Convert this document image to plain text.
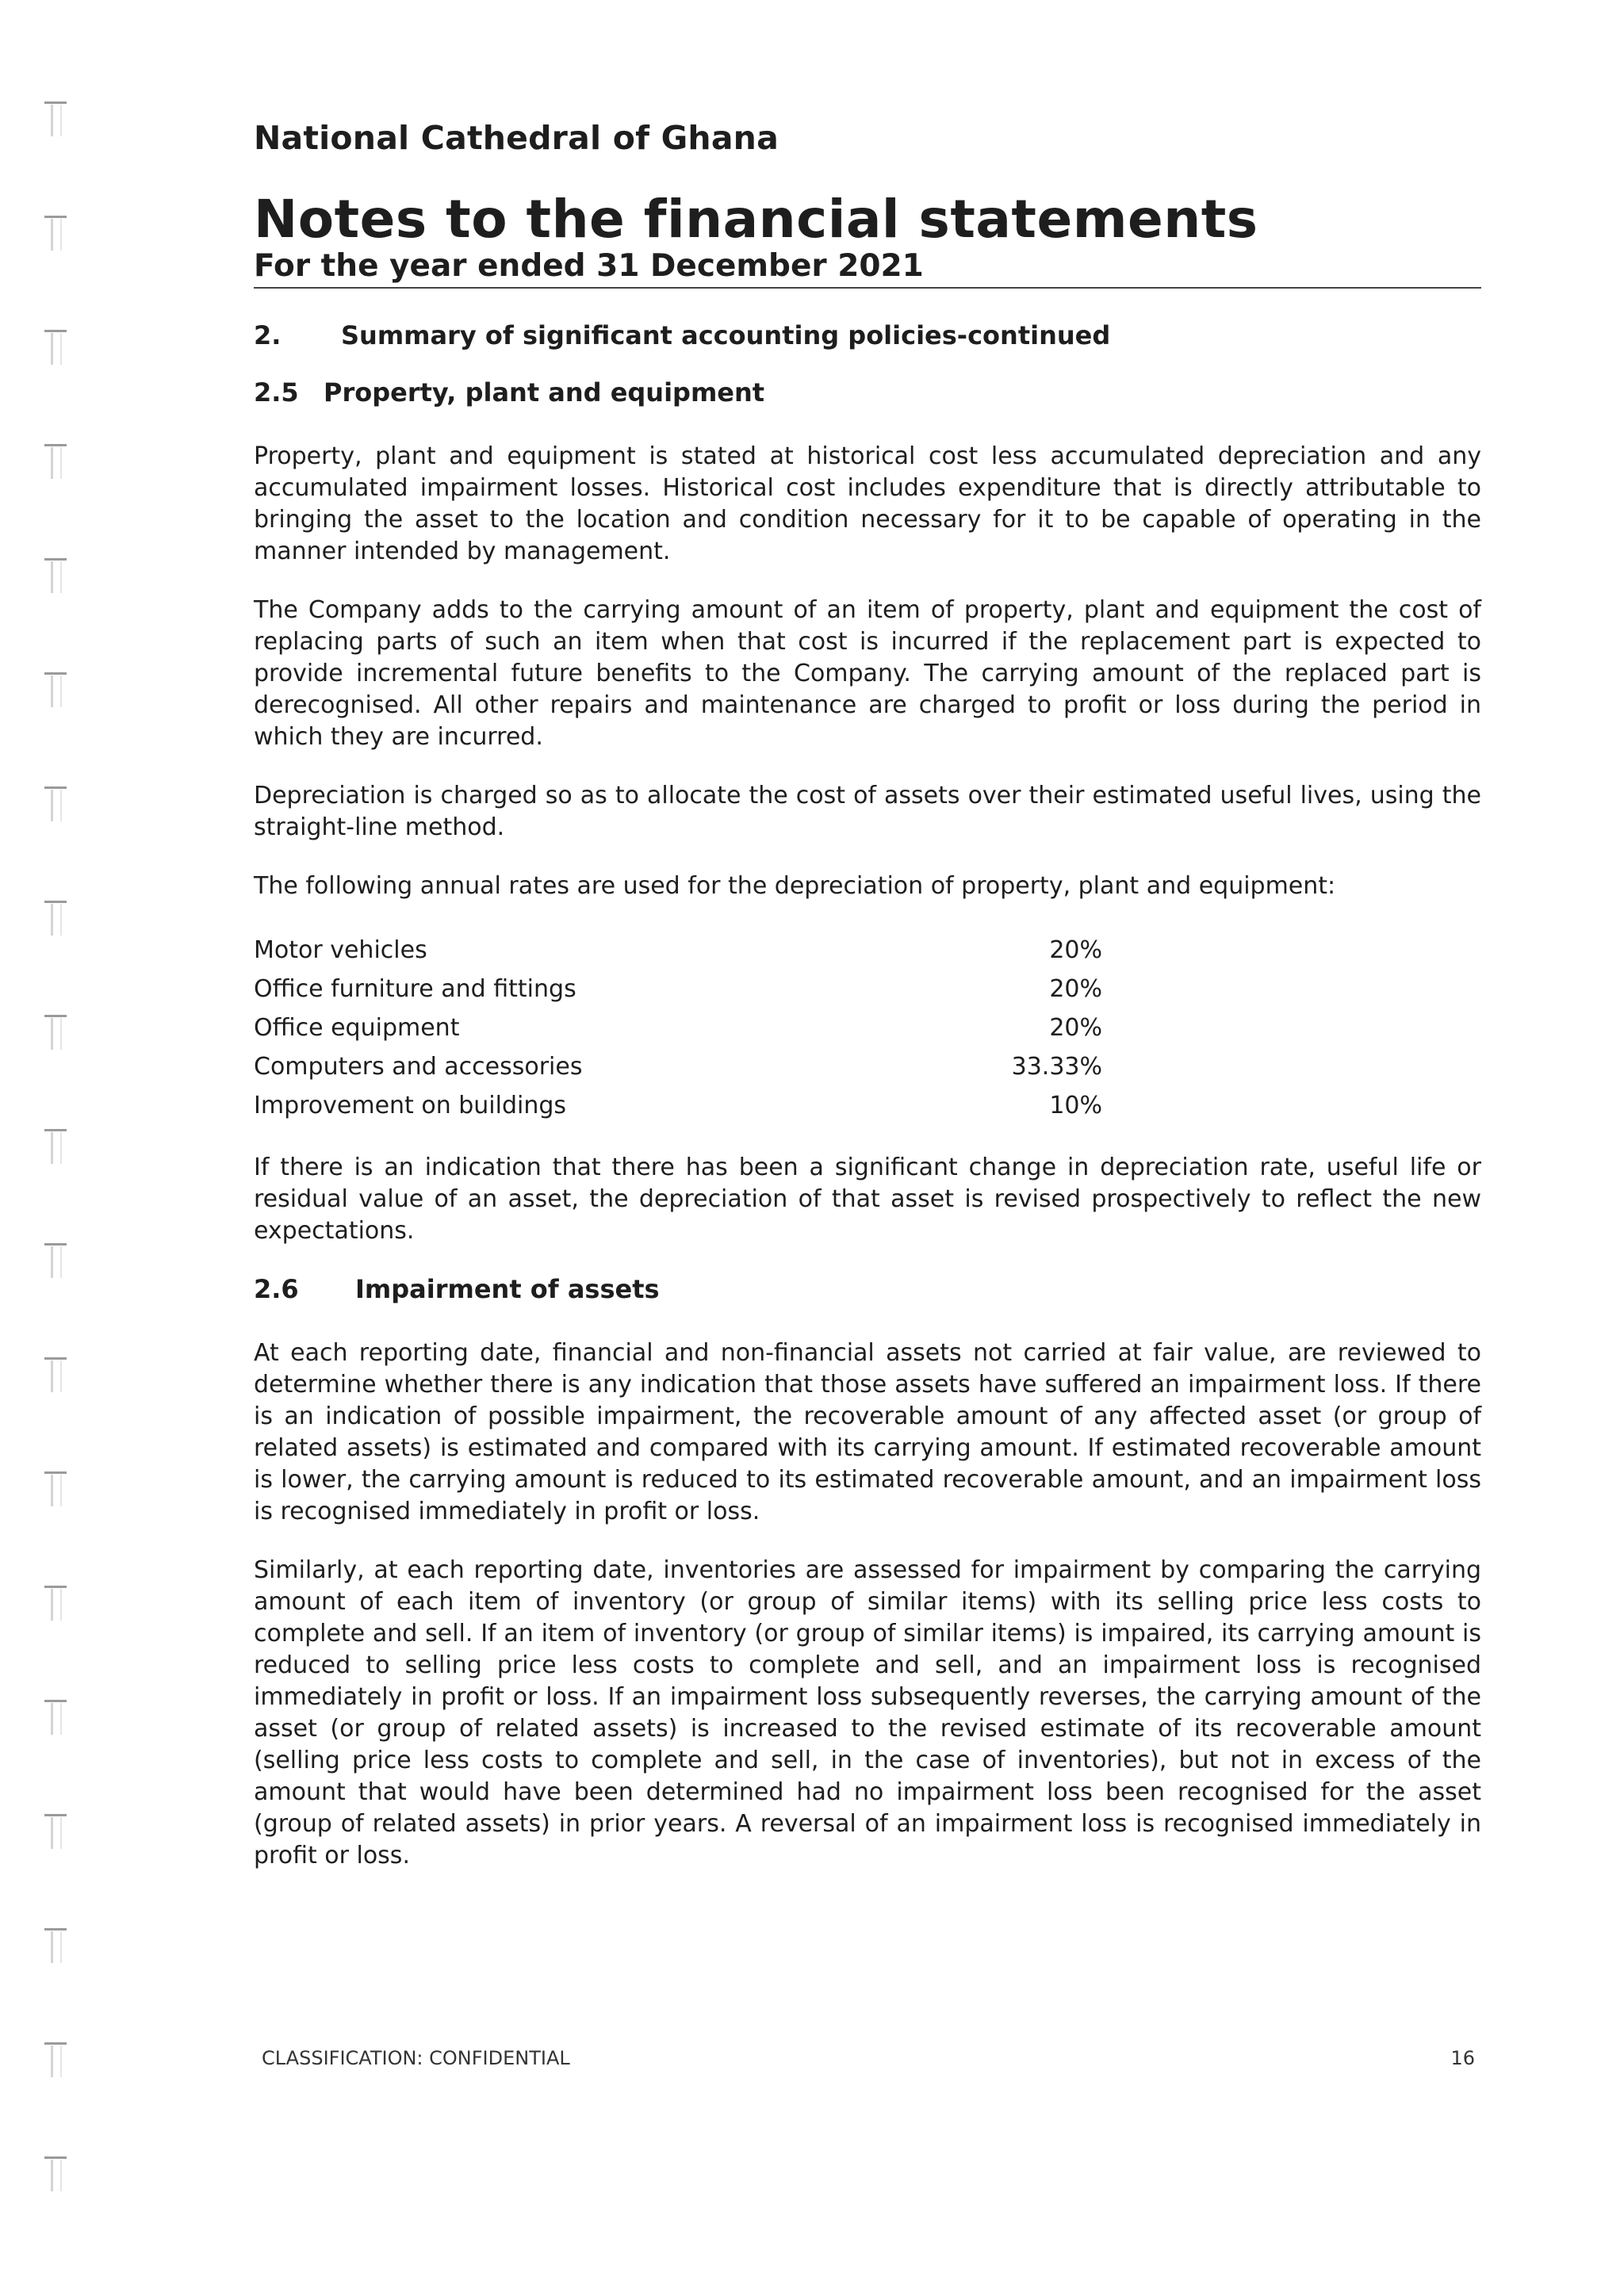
National Cathedral of Ghana
Notes to the financial statements
For the year ended 31 December 2021
2.	Summary of significant accounting policies-continued
2.5 Property, plant and equipment

Property, plant and equipment is stated at historical cost less accumulated depreciation and any accumulated impairment losses. Historical cost includes expenditure that is directly attributable to bringing the asset to the location and condition necessary for it to be capable of operating in the manner intended by management.

The Company adds to the carrying amount of an item of property, plant and equipment the cost of replacing parts of such an item when that cost is incurred if the replacement part is expected to provide incremental future benefits to the Company. The carrying amount of the replaced part is derecognised. All other repairs and maintenance are charged to profit or loss during the period in which they are incurred.

Depreciation is charged so as to allocate the cost of assets over their estimated useful lives, using the straight-line method.

The following annual rates are used for the depreciation of property, plant and equipment:

Motor vehicles	20%
Office furniture and fittings	20%
Office equipment	20%
Computers and accessories	33.33%
Improvement on buildings	10%

If there is an indication that there has been a significant change in depreciation rate, useful life or residual value of an asset, the depreciation of that asset is revised prospectively to reflect the new expectations.

2.6	Impairment of assets

At each reporting date, financial and non-financial assets not carried at fair value, are reviewed to determine whether there is any indication that those assets have suffered an impairment loss. If there is an indication of possible impairment, the recoverable amount of any affected asset (or group of related assets) is estimated and compared with its carrying amount. If estimated recoverable amount is lower, the carrying amount is reduced to its estimated recoverable amount, and an impairment loss is recognised immediately in profit or loss.

Similarly, at each reporting date, inventories are assessed for impairment by comparing the carrying amount of each item of inventory (or group of similar items) with its selling price less costs to complete and sell. If an item of inventory (or group of similar items) is impaired, its carrying amount is reduced to selling price less costs to complete and sell, and an impairment loss is recognised immediately in profit or loss. If an impairment loss subsequently reverses, the carrying amount of the asset (or group of related assets) is increased to the revised estimate of its recoverable amount (selling price less costs to complete and sell, in the case of inventories), but not in excess of the amount that would have been determined had no impairment loss been recognised for the asset (group of related assets) in prior years. A reversal of an impairment loss is recognised immediately in profit or loss.

CLASSIFICATION: CONFIDENTIAL	16
